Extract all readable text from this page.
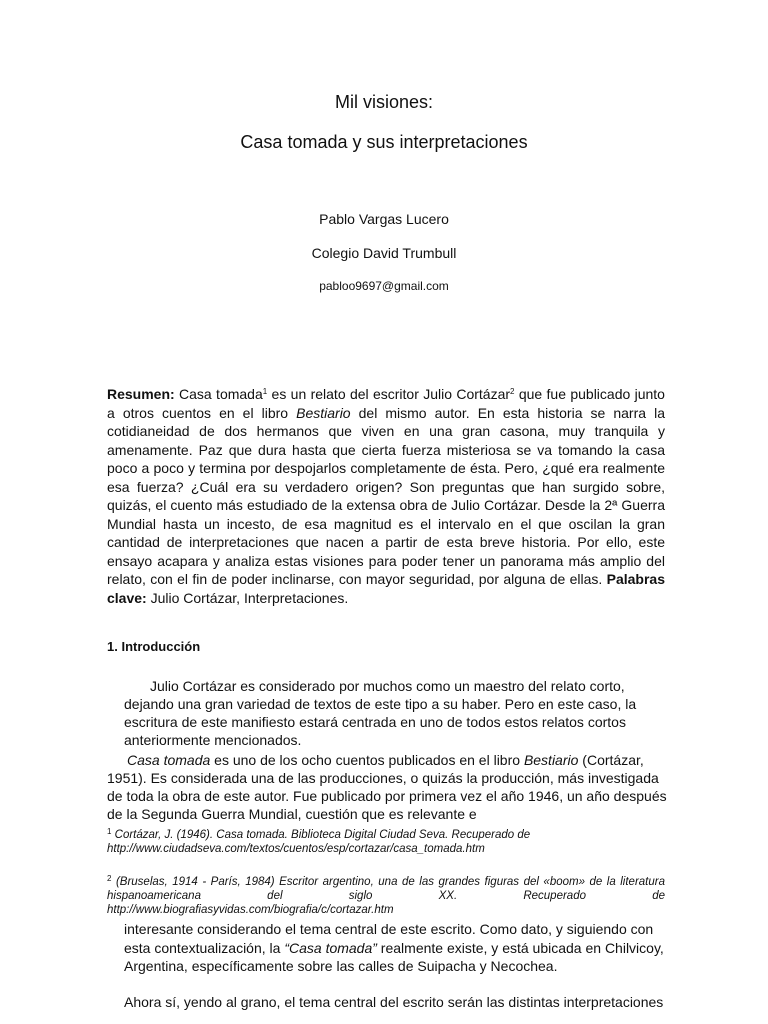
Mil visiones:
Casa tomada y sus interpretaciones
Pablo Vargas Lucero
Colegio David Trumbull
pabloo9697@gmail.com
Resumen: Casa tomada$^1$ es un relato del escritor Julio Cortázar$^2$ que fue publicado junto a otros cuentos en el libro Bestiario del mismo autor. En esta historia se narra la cotidianeidad de dos hermanos que viven en una gran casona, muy tranquila y amenamente. Paz que dura hasta que cierta fuerza misteriosa se va tomando la casa poco a poco y termina por despojarlos completamente de ésta. Pero, ¿qué era realmente esa fuerza? ¿Cuál era su verdadero origen? Son preguntas que han surgido sobre, quizás, el cuento más estudiado de la extensa obra de Julio Cortázar. Desde la 2ª Guerra Mundial hasta un incesto, de esa magnitud es el intervalo en el que oscilan la gran cantidad de interpretaciones que nacen a partir de esta breve historia. Por ello, este ensayo acapara y analiza estas visiones para poder tener un panorama más amplio del relato, con el fin de poder inclinarse, con mayor seguridad, por alguna de ellas. Palabras clave: Julio Cortázar, Interpretaciones.
1. Introducción
Julio Cortázar es considerado por muchos como un maestro del relato corto, dejando una gran variedad de textos de este tipo a su haber. Pero en este caso, la escritura de este manifiesto estará centrada en uno de todos estos relatos cortos anteriormente mencionados.
Casa tomada es uno de los ocho cuentos publicados en el libro Bestiario (Cortázar, 1951). Es considerada una de las producciones, o quizás la producción, más investigada de toda la obra de este autor. Fue publicado por primera vez el año 1946, un año después de la Segunda Guerra Mundial, cuestión que es relevante e
$^1$ Cortázar, J. (1946). Casa tomada. Biblioteca Digital Ciudad Seva. Recuperado de http://www.ciudadseva.com/textos/cuentos/esp/cortazar/casa_tomada.htm
$^2$ (Bruselas, 1914 - París, 1984) Escritor argentino, una de las grandes figuras del «boom» de la literatura hispanoamericana del siglo XX. Recuperado de
http://www.biografiasyvidas.com/biografia/c/cortazar.htm
interesante considerando el tema central de este escrito. Como dato, y siguiendo con esta contextualización, la “Casa tomada” realmente existe, y está ubicada en Chilvicoy, Argentina, específicamente sobre las calles de Suipacha y Necochea.
Ahora sí, yendo al grano, el tema central del escrito serán las distintas interpretaciones
